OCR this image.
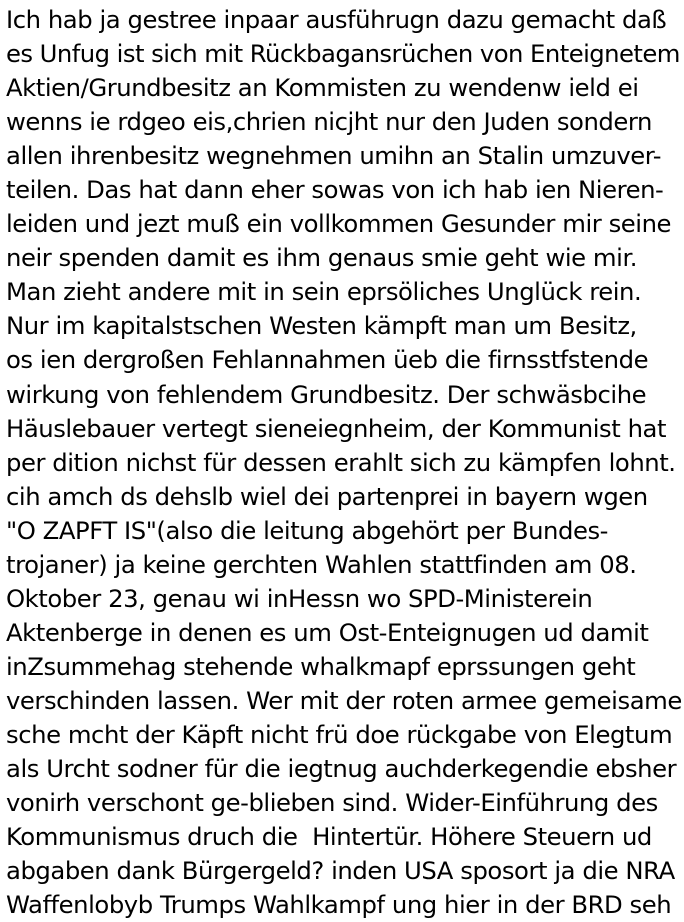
Ich hab ja gestree inpaar ausführugn dazu gemacht daß
es Unfug ist sich mit Rückbagansrüchen von Enteignetem
Aktien/Grundbesitz an Kommisten zu wendenw ield ei
wenns ie rdgeo eis,chrien nicjht nur den Juden sondern
allen ihrenbesitz wegnehmen umihn an Stalin umzuver-
teilen. Das hat dann eher sowas von ich hab ien Nieren-
leiden und jezt muß ein vollkommen Gesunder mir seine
neir spenden damit es ihm genaus smie geht wie mir.
Man zieht andere mit in sein eprsöliches Unglück rein.
Nur im kapitalstschen Westen kämpft man um Besitz,
os ien dergroßen Fehlannahmen üeb die firnsstfstende
wirkung von fehlendem Grundbesitz. Der schwäsbcihe
Häuslebauer vertegt sieneiegnheim, der Kommunist hat
per dition nichst für dessen erahlt sich zu kämpfen lohnt.
cih amch ds dehslb wiel dei partenprei in bayern wgen
"O ZAPFT IS"(also die leitung abgehört per Bundes-
trojaner) ja keine gerchten Wahlen stattfinden am 08.
Oktober 23, genau wi inHessn wo SPD-Ministerein
Aktenberge in denen es um Ost-Enteignugen ud damit
inZsummehag stehende whalkmapf eprssungen geht
verschinden lassen. Wer mit der roten armee gemeisame
sche mcht der Käpft nicht frü doe rückgabe von Elegtum
als Urcht sodner für die iegtnug auchderkegendie ebsher
vonirh verschont ge-blieben sind. Wider-Einführung des
Kommunismus druch die  Hintertür. Höhere Steuern ud
abgaben dank Bürgergeld? inden USA sposort ja die NRA
Waffenlobyb Trumps Wahlkampf ung hier in der BRD seh
